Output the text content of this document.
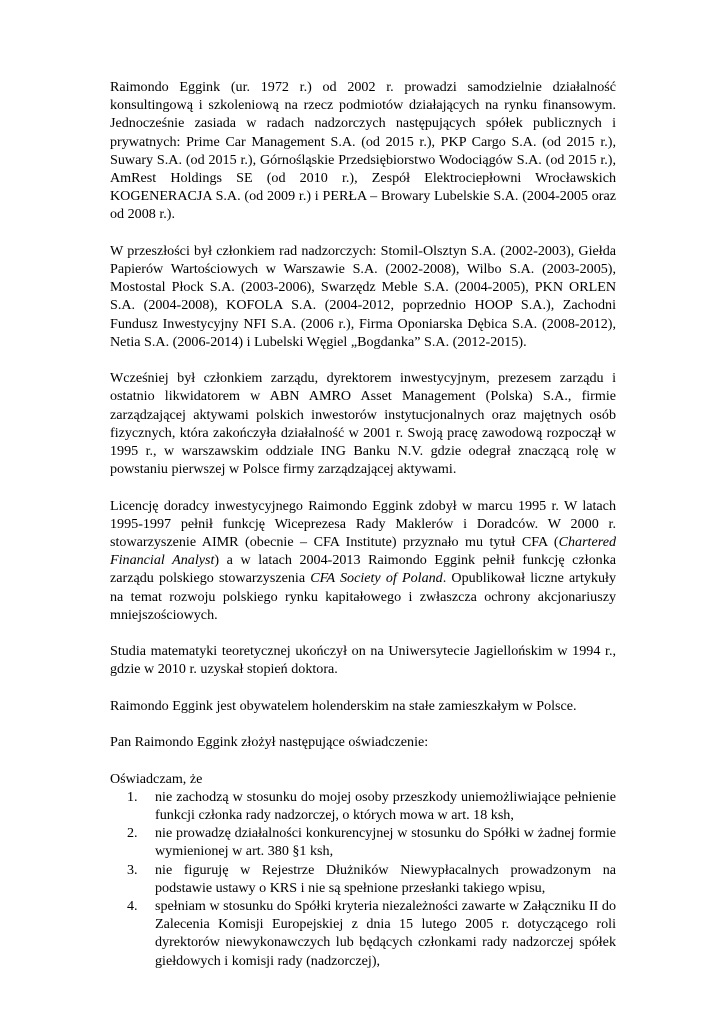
Raimondo Eggink (ur. 1972 r.) od 2002 r. prowadzi samodzielnie działalność konsultingową i szkoleniową na rzecz podmiotów działających na rynku finansowym. Jednocześnie zasiada w radach nadzorczych następujących spółek publicznych i prywatnych: Prime Car Management S.A. (od 2015 r.), PKP Cargo S.A. (od 2015 r.), Suwary S.A. (od 2015 r.), Górnośląskie Przedsiębiorstwo Wodociągów S.A. (od 2015 r.), AmRest Holdings SE (od 2010 r.), Zespół Elektrociepłowni Wrocławskich KOGENERACJA S.A. (od 2009 r.) i PERŁA – Browary Lubelskie S.A. (2004-2005 oraz od 2008 r.).

W przeszłości był członkiem rad nadzorczych: Stomil-Olsztyn S.A. (2002-2003), Giełda Papierów Wartościowych w Warszawie S.A. (2002-2008), Wilbo S.A. (2003-2005), Mostostal Płock S.A. (2003-2006), Swarzędz Meble S.A. (2004-2005), PKN ORLEN S.A. (2004-2008), KOFOLA S.A. (2004-2012, poprzednio HOOP S.A.), Zachodni Fundusz Inwestycyjny NFI S.A. (2006 r.), Firma Oponiarska Dębica S.A. (2008-2012), Netia S.A. (2006-2014) i Lubelski Węgiel „Bogdanka” S.A. (2012-2015).

Wcześniej był członkiem zarządu, dyrektorem inwestycyjnym, prezesem zarządu i ostatnio likwidatorem w ABN AMRO Asset Management (Polska) S.A., firmie zarządzającej aktywami polskich inwestorów instytucjonalnych oraz majętnych osób fizycznych, która zakończyła działalność w 2001 r. Swoją pracę zawodową rozpoczął w 1995 r., w warszawskim oddziale ING Banku N.V. gdzie odegrał znaczącą rolę w powstaniu pierwszej w Polsce firmy zarządzającej aktywami.

Licencję doradcy inwestycyjnego Raimondo Eggink zdobył w marcu 1995 r. W latach 1995-1997 pełnił funkcję Wiceprezesa Rady Maklerów i Doradców. W 2000 r. stowarzyszenie AIMR (obecnie – CFA Institute) przyznało mu tytuł CFA (Chartered Financial Analyst) a w latach 2004-2013 Raimondo Eggink pełnił funkcję członka zarządu polskiego stowarzyszenia CFA Society of Poland. Opublikował liczne artykuły na temat rozwoju polskiego rynku kapitałowego i zwłaszcza ochrony akcjonariuszy mniejszościowych.

Studia matematyki teoretycznej ukończył on na Uniwersytecie Jagiellońskim w 1994 r., gdzie w 2010 r. uzyskał stopień doktora.

Raimondo Eggink jest obywatelem holenderskim na stałe zamieszkałym w Polsce.

Pan Raimondo Eggink złożył następujące oświadczenie:

Oświadczam, że

1. nie zachodzą w stosunku do mojej osoby przeszkody uniemożliwiające pełnienie funkcji członka rady nadzorczej, o których mowa w art. 18 ksh,
2. nie prowadzę działalności konkurencyjnej w stosunku do Spółki w żadnej formie wymienionej w art. 380 §1 ksh,
3. nie figuruję w Rejestrze Dłużników Niewypłacalnych prowadzonym na podstawie ustawy o KRS i nie są spełnione przesłanki takiego wpisu,
4. spełniam w stosunku do Spółki kryteria niezależności zawarte w Załączniku II do Zalecenia Komisji Europejskiej z dnia 15 lutego 2005 r. dotyczącego roli dyrektorów niewykonawczych lub będących członkami rady nadzorczej spółek giełdowych i komisji rady (nadzorczej),
